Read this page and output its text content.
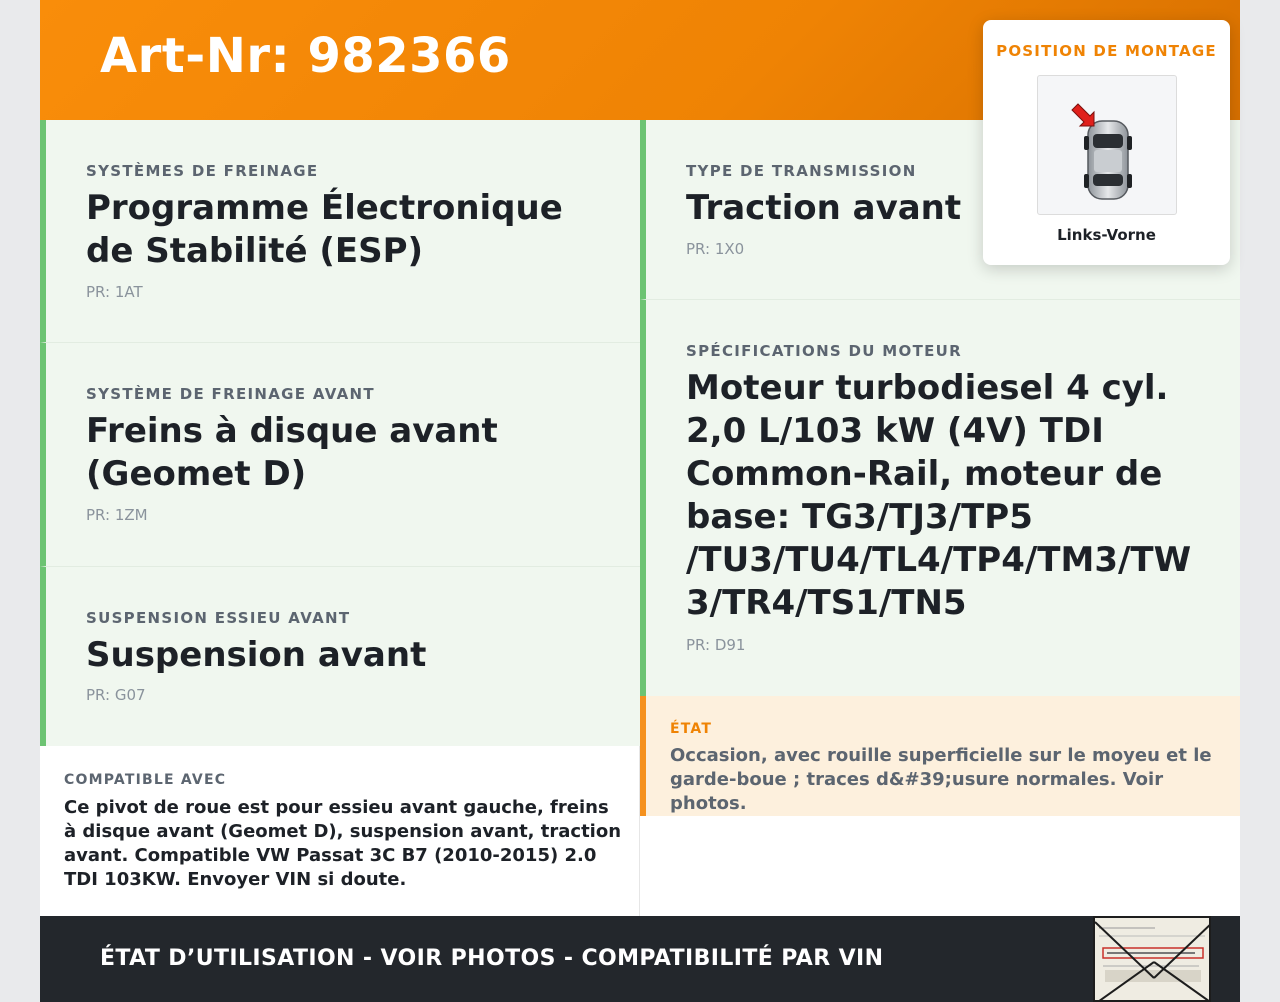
Art-Nr: 982366
SYSTÈMES DE FREINAGE
Programme Électronique de Stabilité (ESP)
PR: 1AT
SYSTÈME DE FREINAGE AVANT
Freins à disque avant (Geomet D)
PR: 1ZM
SUSPENSION ESSIEU AVANT
Suspension avant
PR: G07
TYPE DE TRANSMISSION
Traction avant
PR: 1X0
SPÉCIFICATIONS DU MOTEUR
Moteur turbodiesel 4 cyl. 2,0 L/103 kW (4V) TDI Common-Rail, moteur de base: TG3/TJ3/TP5 /TU3/TU4/TL4/TP4/TM3/TW3/TR4/TS1/TN5
PR: D91
ÉTAT
Occasion, avec rouille superficielle sur le moyeu et le garde-boue ; traces d&#39;usure normales. Voir photos.
COMPATIBLE AVEC
Ce pivot de roue est pour essieu avant gauche, freins à disque avant (Geomet D), suspension avant, traction avant. Compatible VW Passat 3C B7 (2010-2015) 2.0 TDI 103KW. Envoyer VIN si doute.
ÉTAT D’UTILISATION - VOIR PHOTOS - COMPATIBILITÉ PAR VIN
POSITION DE MONTAGE
Links-Vorne
